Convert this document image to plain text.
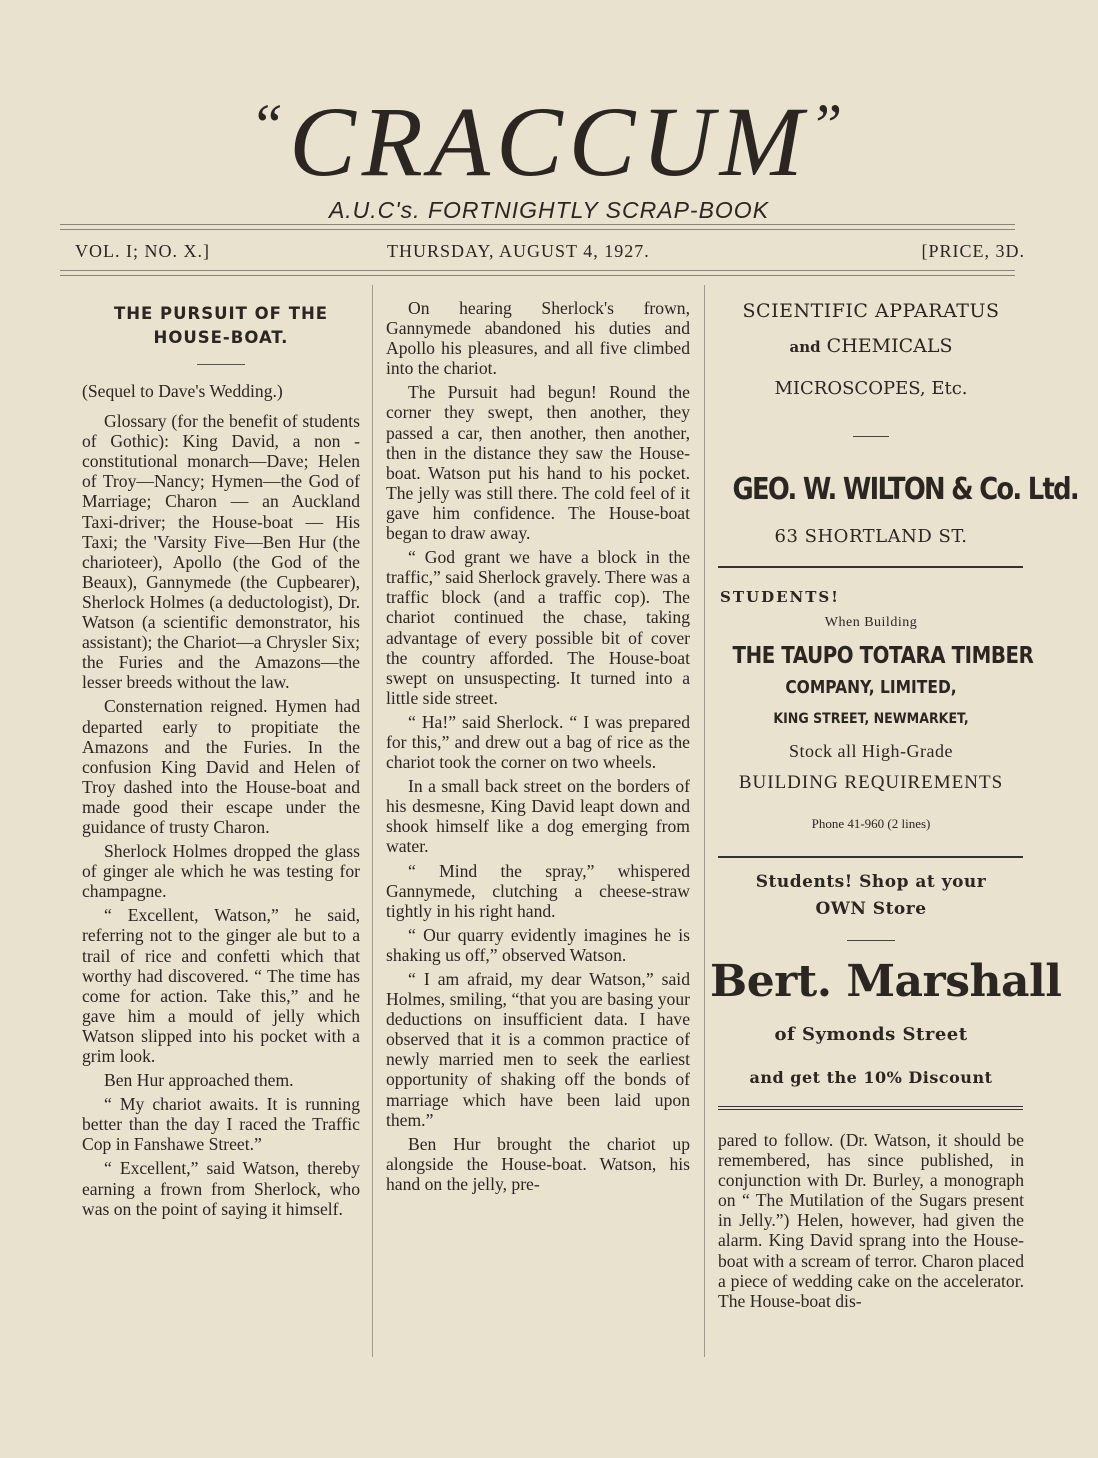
“CRACCUM”
A.U.C's. FORTNIGHTLY SCRAP-BOOK
VOL. I; NO. X.]	THURSDAY, AUGUST 4, 1927.	[PRICE, 3D.
THE PURSUIT OF THE
HOUSE-BOAT.

(Sequel to Dave's Wedding.)

Glossary (for the benefit of students of Gothic): King David, a non - constitutional monarch—Dave; Helen of Troy—Nancy; Hymen—the God of Marriage; Charon — an Auckland Taxi-driver; the House-boat — His Taxi; the 'Varsity Five—Ben Hur (the charioteer), Apollo (the God of the Beaux), Gannymede (the Cupbearer), Sherlock Holmes (a deductologist), Dr. Watson (a scientific demonstrator, his assistant); the Chariot—a Chrysler Six; the Furies and the Amazons—the lesser breeds without the law.

Consternation reigned. Hymen had departed early to propitiate the Amazons and the Furies. In the confusion King David and Helen of Troy dashed into the House-boat and made good their escape under the guidance of trusty Charon.

Sherlock Holmes dropped the glass of ginger ale which he was testing for champagne.

“ Excellent, Watson,” he said, referring not to the ginger ale but to a trail of rice and confetti which that worthy had discovered. “ The time has come for action. Take this,” and he gave him a mould of jelly which Watson slipped into his pocket with a grim look.

Ben Hur approached them.

“ My chariot awaits. It is running better than the day I raced the Traffic Cop in Fanshawe Street.”

“ Excellent,” said Watson, thereby earning a frown from Sherlock, who was on the point of saying it himself.

On hearing Sherlock's frown, Gannymede abandoned his duties and Apollo his pleasures, and all five climbed into the chariot.

The Pursuit had begun! Round the corner they swept, then another, they passed a car, then another, then another, then in the distance they saw the House-boat. Watson put his hand to his pocket. The jelly was still there. The cold feel of it gave him confidence. The House-boat began to draw away.

“ God grant we have a block in the traffic,” said Sherlock gravely. There was a traffic block (and a traffic cop). The chariot continued the chase, taking advantage of every possible bit of cover the country afforded. The House-boat swept on unsuspecting. It turned into a little side street.

“ Ha!” said Sherlock. “ I was prepared for this,” and drew out a bag of rice as the chariot took the corner on two wheels.

In a small back street on the borders of his desmesne, King David leapt down and shook himself like a dog emerging from water.

“ Mind the spray,” whispered Gannymede, clutching a cheese-straw tightly in his right hand.

“ Our quarry evidently imagines he is shaking us off,” observed Watson.

“ I am afraid, my dear Watson,” said Holmes, smiling, “that you are basing your deductions on insufficient data. I have observed that it is a common practice of newly married men to seek the earliest opportunity of shaking off the bonds of marriage which have been laid upon them.”

Ben Hur brought the chariot up alongside the House-boat. Watson, his hand on the jelly, pre-

SCIENTIFIC APPARATUS
and CHEMICALS
MICROSCOPES, Etc.
GEO. W. WILTON & Co. Ltd.
63 SHORTLAND ST.
STUDENTS!
When Building
THE TAUPO TOTARA TIMBER
COMPANY, LIMITED,
KING STREET, NEWMARKET,
Stock all High-Grade
BUILDING REQUIREMENTS
Phone 41-960 (2 lines)
Students! Shop at your
OWN Store
Bert. Marshall
of Symonds Street
and get the 10% Discount

pared to follow. (Dr. Watson, it should be remembered, has since published, in conjunction with Dr. Burley, a monograph on “ The Mutilation of the Sugars present in Jelly.”) Helen, however, had given the alarm. King David sprang into the House-boat with a scream of terror. Charon placed a piece of wedding cake on the accelerator. The House-boat dis-
